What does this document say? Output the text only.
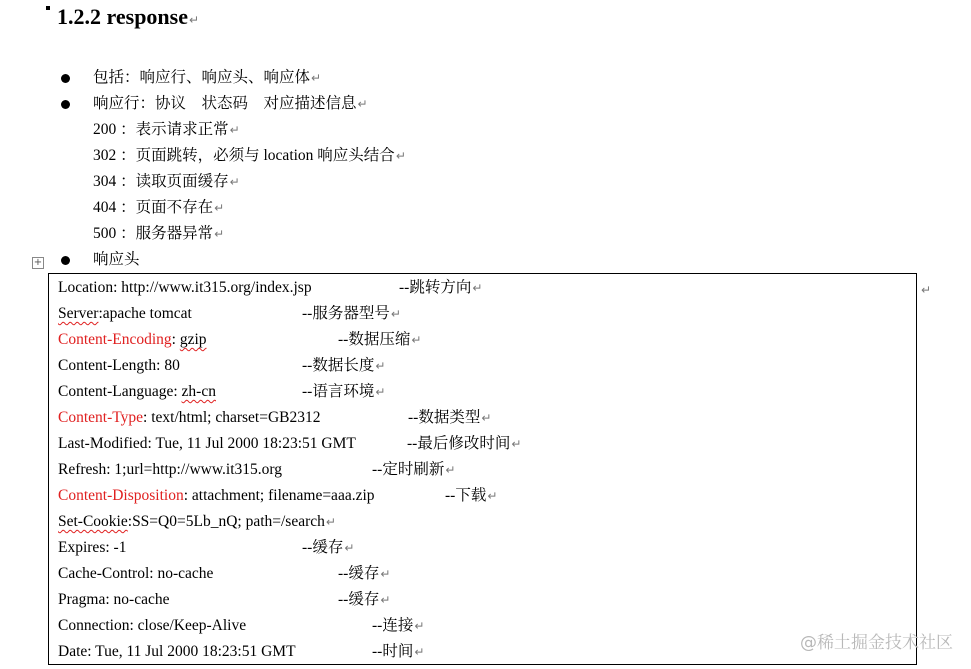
1.2.2 response↵
包括：响应行、响应头、响应体↵
响应行：协议　状态码　对应描述信息↵
200 ：表示请求正常↵
302 ：页面跳转，必须与 location 响应头结合↵
304 ：读取页面缓存↵
404 ：页面不存在↵
500 ：服务器异常↵
响应头
+
↵
Location: http://www.it315.org/index.jsp	--跳转方向↵
Server:apache tomcat	--服务器型号↵
Content-Encoding: gzip	--数据压缩↵
Content-Length: 80	--数据长度↵
Content-Language: zh-cn	--语言环境↵
Content-Type: text/html; charset=GB2312	--数据类型↵
Last-Modified: Tue, 11 Jul 2000 18:23:51 GMT	--最后修改时间↵
Refresh: 1;url=http://www.it315.org	--定时刷新↵
Content-Disposition: attachment; filename=aaa.zip	--下载↵
Set-Cookie:SS=Q0=5Lb_nQ; path=/search↵
Expires: -1	--缓存↵
Cache-Control: no-cache	--缓存↵
Pragma: no-cache	--缓存↵
Connection: close/Keep-Alive	--连接↵
Date: Tue, 11 Jul 2000 18:23:51 GMT	--时间↵	@稀土掘金技术社区
